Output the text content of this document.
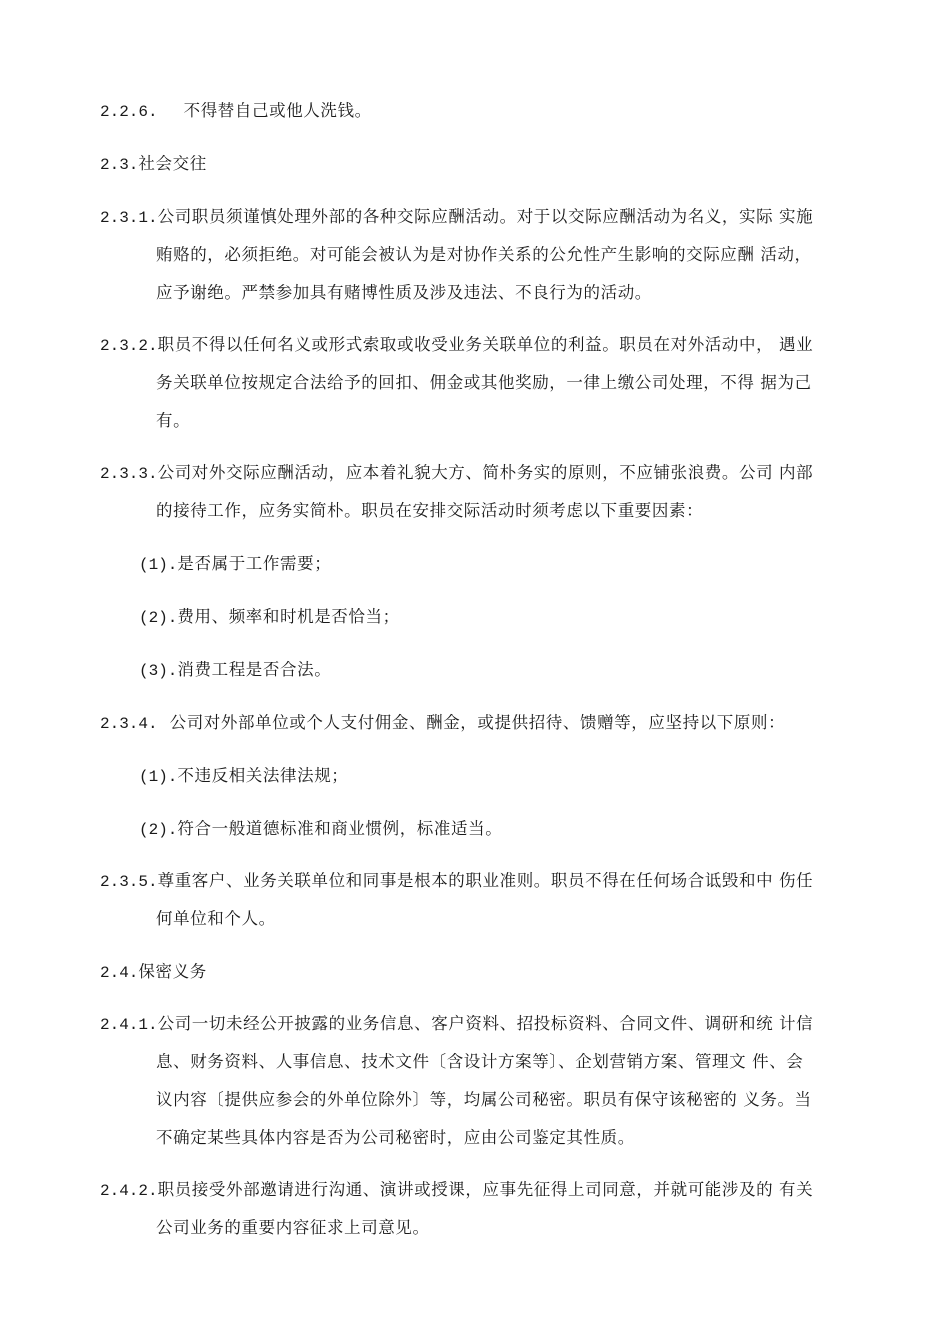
2.2.6. 不得替自己或他人洗钱。
2.3.社会交往
2.3.1.公司职员须谨慎处理外部的各种交际应酬活动。对于以交际应酬活动为名义，实际 实施
贿赂的，必须拒绝。对可能会被认为是对协作关系的公允性产生影响的交际应酬 活动，
应予谢绝。严禁参加具有赌博性质及涉及违法、不良行为的活动。
2.3.2.职员不得以任何名义或形式索取或收受业务关联单位的利益。职员在对外活动中， 遇业
务关联单位按规定合法给予的回扣、佣金或其他奖励，一律上缴公司处理，不得 据为己
有。
2.3.3.公司对外交际应酬活动，应本着礼貌大方、简朴务实的原则，不应铺张浪费。公司 内部
的接待工作，应务实简朴。职员在安排交际活动时须考虑以下重要因素：
(1).是否属于工作需要；
(2).费用、频率和时机是否恰当；
(3).消费工程是否合法。
2.3.4. 公司对外部单位或个人支付佣金、酬金，或提供招待、馈赠等，应坚持以下原则：
(1).不违反相关法律法规；
(2).符合一般道德标准和商业惯例，标准适当。
2.3.5.尊重客户、业务关联单位和同事是根本的职业准则。职员不得在任何场合诋毁和中 伤任
何单位和个人。
2.4.保密义务
2.4.1.公司一切未经公开披露的业务信息、客户资料、招投标资料、合同文件、调研和统 计信
息、财务资料、人事信息、技术文件〔含设计方案等〕、企划营销方案、管理文 件、会
议内容〔提供应参会的外单位除外〕等，均属公司秘密。职员有保守该秘密的 义务。当
不确定某些具体内容是否为公司秘密时，应由公司鉴定其性质。
2.4.2.职员接受外部邀请进行沟通、演讲或授课，应事先征得上司同意，并就可能涉及的 有关
公司业务的重要内容征求上司意见。
